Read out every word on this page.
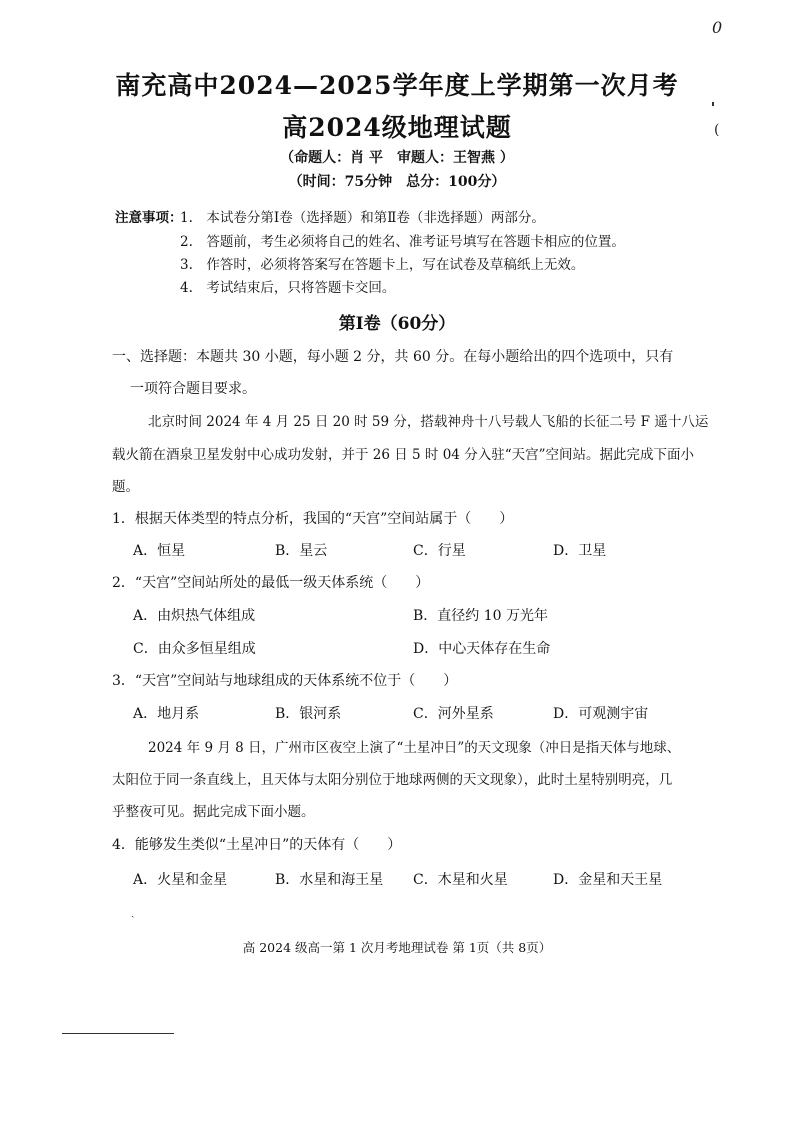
0
(
南充高中2024—2025学年度上学期第一次月考
高2024级地理试题
（命题人：肖 平　审题人：王智燕 ）
（时间：75分钟　总分：100分）
注意事项：
1.　本试卷分第Ⅰ卷（选择题）和第Ⅱ卷（非选择题）两部分。
2.　答题前，考生必须将自己的姓名、准考证号填写在答题卡相应的位置。
3.　作答时，必须将答案写在答题卡上，写在试卷及草稿纸上无效。
4.　考试结束后，只将答题卡交回。
第Ⅰ卷（60分）
一、选择题：本题共 30 小题，每小题 2 分，共 60 分。在每小题给出的四个选项中，只有
一项符合题目要求。
北京时间 2024 年 4 月 25 日 20 时 59 分，搭载神舟十八号载人飞船的长征二号 F 遥十八运
载火箭在酒泉卫星发射中心成功发射，并于 26 日 5 时 04 分入驻“天宫”空间站。据此完成下面小
题。
1．根据天体类型的特点分析，我国的“天宫”空间站属于（　　）
A．恒星	B．星云	C．行星	D．卫星
2．“天宫”空间站所处的最低一级天体系统（　　）
A．由炽热气体组成	B．直径约 10 万光年
C．由众多恒星组成	D．中心天体存在生命
3．“天宫”空间站与地球组成的天体系统不位于（　　）
A．地月系	B．银河系	C．河外星系	D．可观测宇宙
2024 年 9 月 8 日，广州市区夜空上演了“土星冲日”的天文现象（冲日是指天体与地球、
太阳位于同一条直线上，且天体与太阳分别位于地球两侧的天文现象），此时土星特别明亮，几
乎整夜可见。据此完成下面小题。
4．能够发生类似“土星冲日”的天体有（　　）
A．火星和金星	B．水星和海王星 C．木星和火星	D．金星和天王星
ˏ
高 2024 级高一第 1 次月考地理试卷 第 1页（共 8页）
